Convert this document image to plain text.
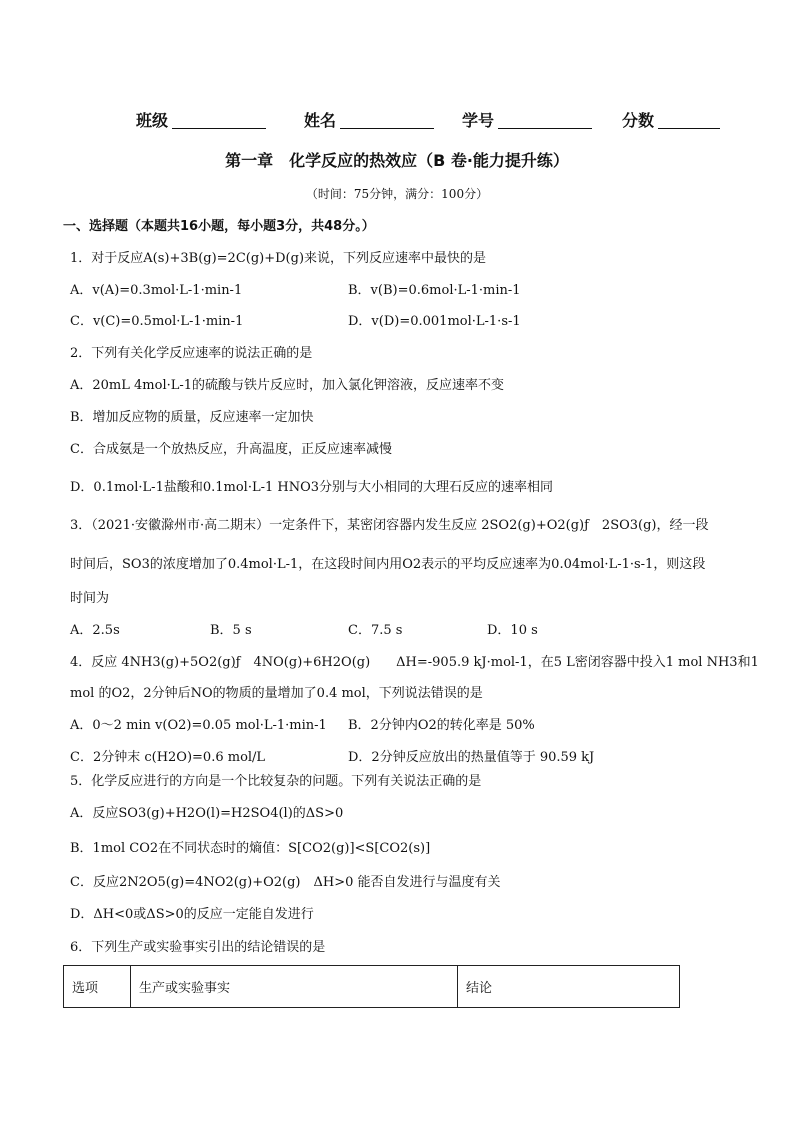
班级	姓名	学号	分数
第一章　化学反应的热效应（B 卷·能力提升练）
（时间：75分钟，满分：100分）
一、选择题（本题共16小题，每小题3分，共48分。）
1．对于反应A(s)+3B(g)=2C(g)+D(g)来说，下列反应速率中最快的是
A．v(A)=0.3mol·L-1·min-1	B．v(B)=0.6mol·L-1·min-1
C．v(C)=0.5mol·L-1·min-1	D．v(D)=0.001mol·L-1·s-1
2．下列有关化学反应速率的说法正确的是
A．20mL 4mol·L-1的硫酸与铁片反应时，加入氯化钾溶液，反应速率不变
B．增加反应物的质量，反应速率一定加快
C．合成氨是一个放热反应，升高温度，正反应速率减慢
D．0.1mol·L-1盐酸和0.1mol·L-1 HNO3分别与大小相同的大理石反应的速率相同
3．（2021·安徽滁州市·高二期末）一定条件下，某密闭容器内发生反应 2SO2(g)+O2(g)ƒ　2SO3(g)，经一段
时间后，SO3的浓度增加了0.4mol·L-1，在这段时间内用O2表示的平均反应速率为0.04mol·L-1·s-1，则这段
时间为
A．2.5s	B．5 s	C．7.5 s	D．10 s
4．反应 4NH3(g)+5O2(g)ƒ　4NO(g)+6H2O(g)　　ΔH=-905.9 kJ·mol-1，在5 L密闭容器中投入1 mol NH3和1
mol 的O2，2分钟后NO的物质的量增加了0.4 mol，下列说法错误的是
A．0～2 min v(O2)=0.05 mol·L-1·min-1 B．2分钟内O2的转化率是 50%
C．2分钟末 c(H2O)=0.6 mol/L	D．2分钟反应放出的热量值等于 90.59 kJ
5．化学反应进行的方向是一个比较复杂的问题。下列有关说法正确的是
A．反应SO3(g)+H2O(l)=H2SO4(l)的ΔS>0
B．1mol CO2在不同状态时的熵值：S[CO2(g)]<S[CO2(s)]
C．反应2N2O5(g)=4NO2(g)+O2(g)　ΔH>0 能否自发进行与温度有关
D．ΔH<0或ΔS>0的反应一定能自发进行
6．下列生产或实验事实引出的结论错误的是
选项	生产或实验事实	结论
